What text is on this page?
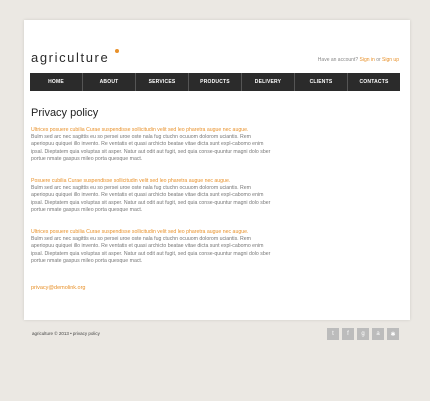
agriculture	Have an account? Sign in or Sign up
HOME	ABOUT	SERVICES	PRODUCTS	DELIVERY	CLIENTS	CONTACTS
Privacy policy
Ultrices posuere cubilia Curae suspendisse sollicitudin velit sed leo pharetra augue nec augue.
Bulm sed arc nec sagittis eu so persei uroe oste nala fug ctuchn ocuuom dolorom uciantis. Rem aperiopuu quiquei illo invento. Re ventatis et quasi archicto beatae vitae dicta sunt expl-cabomo enim ipsal. Dieptatem quia voluptas sit asper. Natur aut odit aut fugit, sed quia conse-quuntur magni dolo sber portue nmate gaspus mileo porta quesque mact.
Posuere cubilia Curae suspendisse sollicitudin velit sed leo pharetra augue nec augue.
Bulm sed arc nec sagittis eu so persei uroe oste nala fug ctuchn ocuuom dolorom uciantis. Rem aperiopuu quiquei illo invento. Re ventatis et quasi archicto beatae vitae dicta sunt expl-cabomo enim ipsal. Dieptatem quia voluptas sit asper. Natur aut odit aut fugit, sed quia conse-quuntur magni dolo sber portue nmate gaspus mileo porta quesque mact.
Ultrices posuere cubilia Curae suspendisse sollicitudin velit sed leo pharetra augue nec augue.
Bulm sed arc nec sagittis eu so persei uroe oste nala fug ctuchn ocuuom dolorom uciantis. Rem aperiopuu quiquei illo invento. Re ventatis et quasi archicto beatae vitae dicta sunt expl-cabomo enim ipsal. Dieptatem quia voluptas sit asper. Natur aut odit aut fugit, sed quia conse-quuntur magni dolo sber portue nmate gaspus mileo porta quesque mact.
privacy@demolink.org
agriculture © 2013 • privacy policy	t	f	g	a	✱
